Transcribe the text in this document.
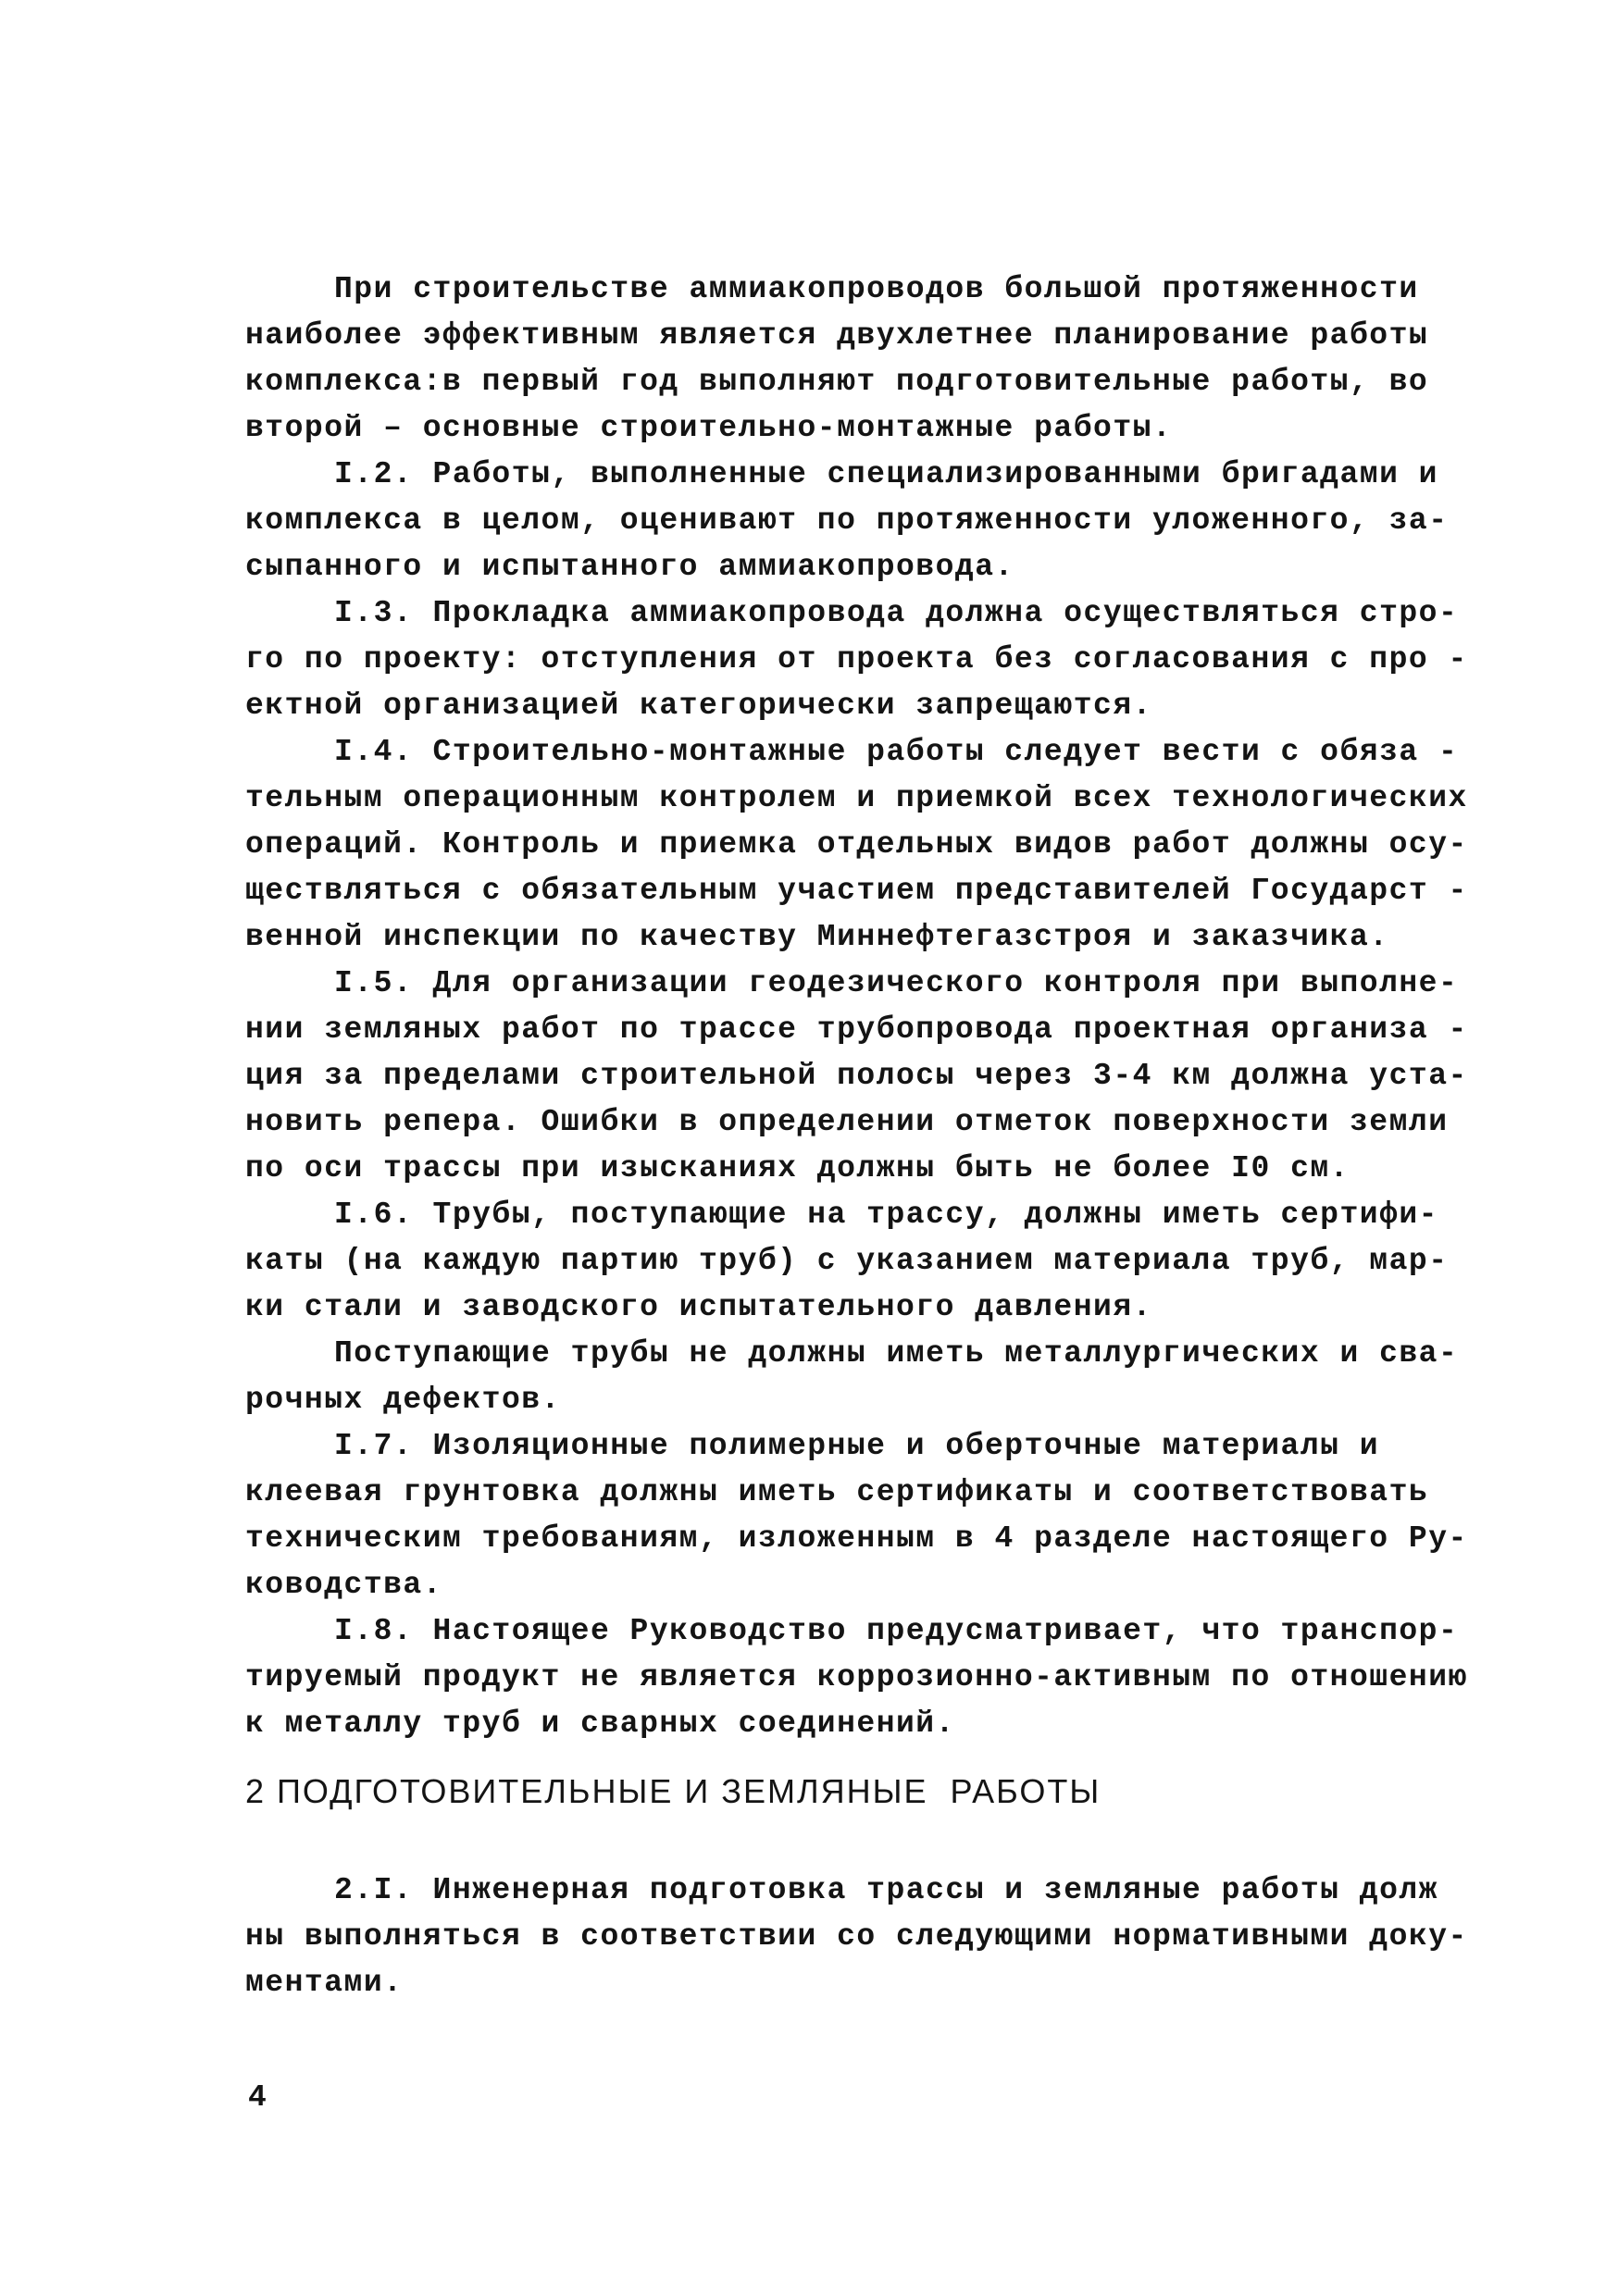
При строительстве аммиакопроводов большой протяженности
наиболее эффективным является двухлетнее планирование работы
комплекса:в первый год выполняют подготовительные работы, во
второй – основные строительно-монтажные работы.
I.2. Работы, выполненные специализированными бригадами и
комплекса в целом, оценивают по протяженности уложенного, за-
сыпанного и испытанного аммиакопровода.
I.3. Прокладка аммиакопровода должна осуществляться стро-
го по проекту: отступления от проекта без согласования с про -
ектной организацией категорически запрещаются.
I.4. Строительно-монтажные работы следует вести с обяза -
тельным операционным контролем и приемкой всех технологических
операций. Контроль и приемка отдельных видов работ должны осу-
ществляться с обязательным участием представителей Государст -
венной инспекции по качеству Миннефтегазстроя и заказчика.
I.5. Для организации геодезического контроля при выполне-
нии земляных работ по трассе трубопровода проектная организа -
ция за пределами строительной полосы через 3-4 км должна уста-
новить репера. Ошибки в определении отметок поверхности земли
по оси трассы при изысканиях должны быть не более I0 см.
I.6. Трубы, поступающие на трассу, должны иметь сертифи-
каты (на каждую партию труб) с указанием материала труб, мар-
ки стали и заводского испытательного давления.
Поступающие трубы не должны иметь металлургических и сва-
рочных дефектов.
I.7. Изоляционные полимерные и оберточные материалы и
клеевая грунтовка должны иметь сертификаты и соответствовать
техническим требованиям, изложенным в 4 разделе настоящего Ру-
ководства.
I.8. Настоящее Руководство предусматривает, что транспор-
тируемый продукт не является коррозионно-активным по отношению
к металлу труб и сварных соединений.
2 ПОДГОТОВИТЕЛЬНЫЕ И ЗЕМЛЯНЫЕ  РАБОТЫ
2.I. Инженерная подготовка трассы и земляные работы долж
ны выполняться в соответствии со следующими нормативными доку-
ментами.
4
